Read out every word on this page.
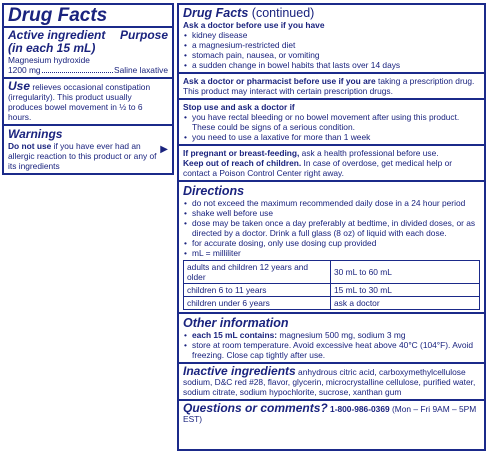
Drug Facts
Active ingredient Purpose
(in each 15 mL)
Magnesium hydroxide
1200 mg	Saline laxative
Use relieves occasional constipation (irregularity). This product usually produces bowel movement in ½ to 6 hours.
Warnings
▶
Do not use if you have ever had an allergic reaction to this product or any of its ingredients
Drug Facts (continued)
Ask a doctor before use if you have
• kidney disease
• a magnesium-restricted diet
• stomach pain, nausea, or vomiting
• a sudden change in bowel habits that lasts over 14 days
Ask a doctor or pharmacist before use if you are taking a prescription drug. This product may interact with certain prescription drugs.
Stop use and ask a doctor if
• you have rectal bleeding or no bowel movement after using this product. These could be signs of a serious condition.
• you need to use a laxative for more than 1 week
If pregnant or breast-feeding, ask a health professional before use.
Keep out of reach of children. In case of overdose, get medical help or contact a Poison Control Center right away.
Directions
• do not exceed the maximum recommended daily dose in a 24 hour period
• shake well before use
• dose may be taken once a day preferably at bedtime, in divided doses, or as directed by a doctor. Drink a full glass (8 oz) of liquid with each dose.
• for accurate dosing, only use dosing cup provided
• mL = milliliter
adults and children 12 years and older	30 mL to 60 mL
children 6 to 11 years	15 mL to 30 mL
children under 6 years	ask a doctor
Other information
• each 15 mL contains: magnesium 500 mg, sodium 3 mg
• store at room temperature. Avoid excessive heat above 40°C (104°F). Avoid freezing. Close cap tightly after use.
Inactive ingredients anhydrous citric acid, carboxymethylcellulose sodium, D&C red #28, flavor, glycerin, microcrystalline cellulose, purified water, sodium citrate, sodium hypochlorite, sucrose, xanthan gum
Questions or comments? 1-800-986-0369 (Mon – Fri 9AM – 5PM EST)
